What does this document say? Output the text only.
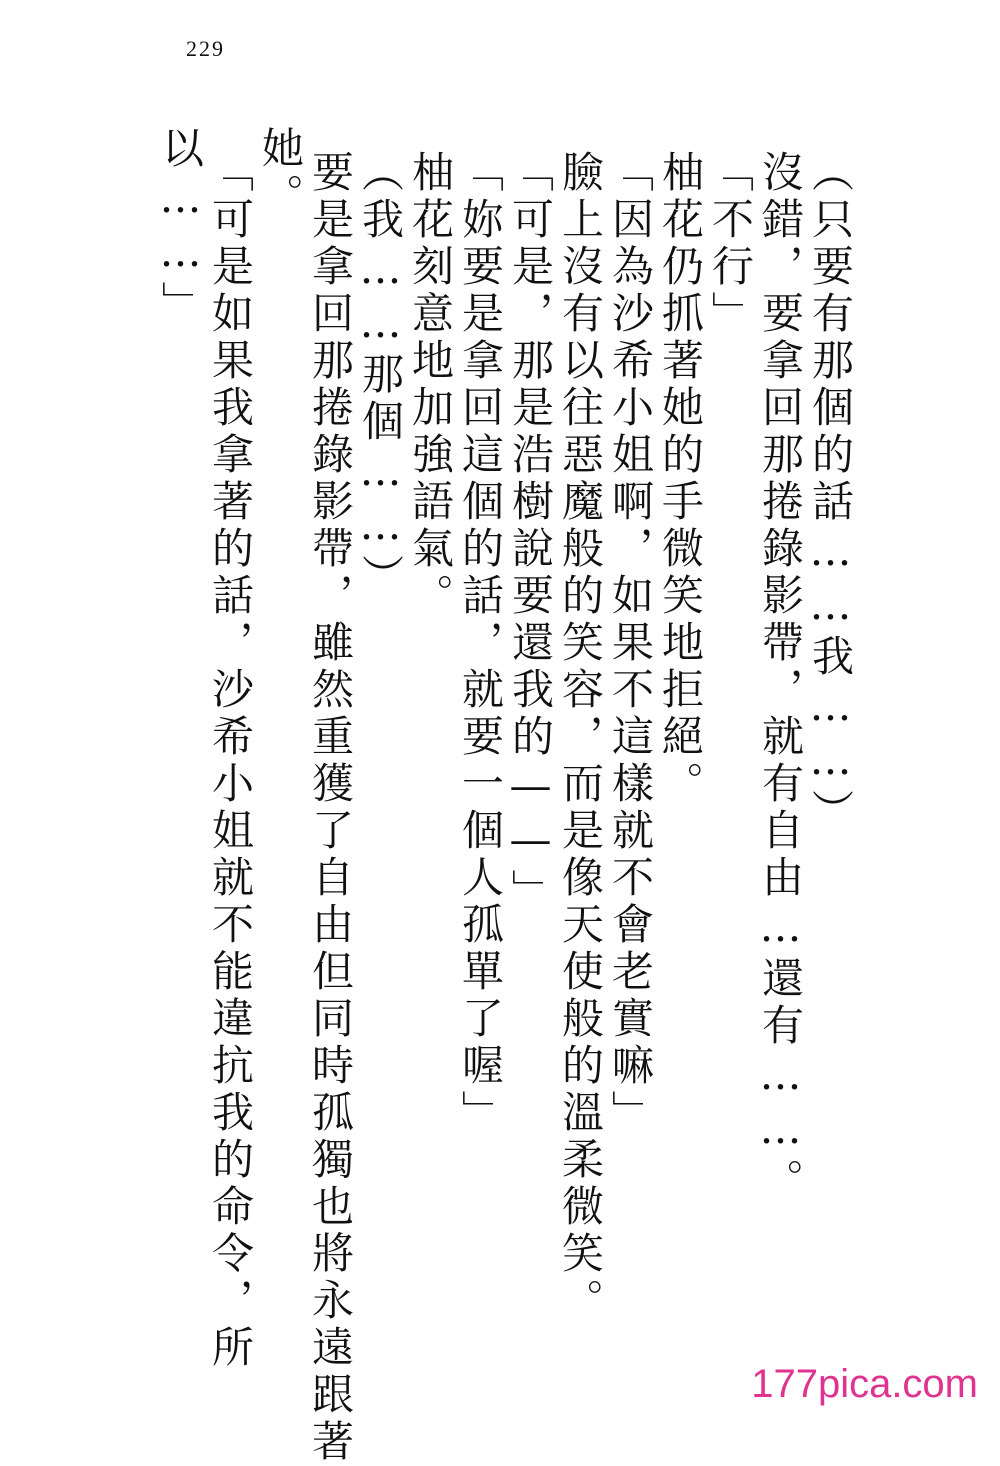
229
（只要有那個的話……我……）
沒錯，要拿回那捲錄影帶，就有自由…還有……。
「不行」
柚花仍抓著她的手微笑地拒絕。
「因為沙希小姐啊，如果不這樣就不會老實嘛」
臉上沒有以往惡魔般的笑容，而是像天使般的溫柔微笑。
「可是，那是浩樹說要還我的——」
「妳要是拿回這個的話，就要一個人孤單了喔」
柚花刻意地加強語氣。
（我……那個……）
要是拿回那捲錄影帶，雖然重獲了自由但同時孤獨也將永遠跟著
她。
「可是如果我拿著的話，沙希小姐就不能違抗我的命令，所
以……」
177pica.com
